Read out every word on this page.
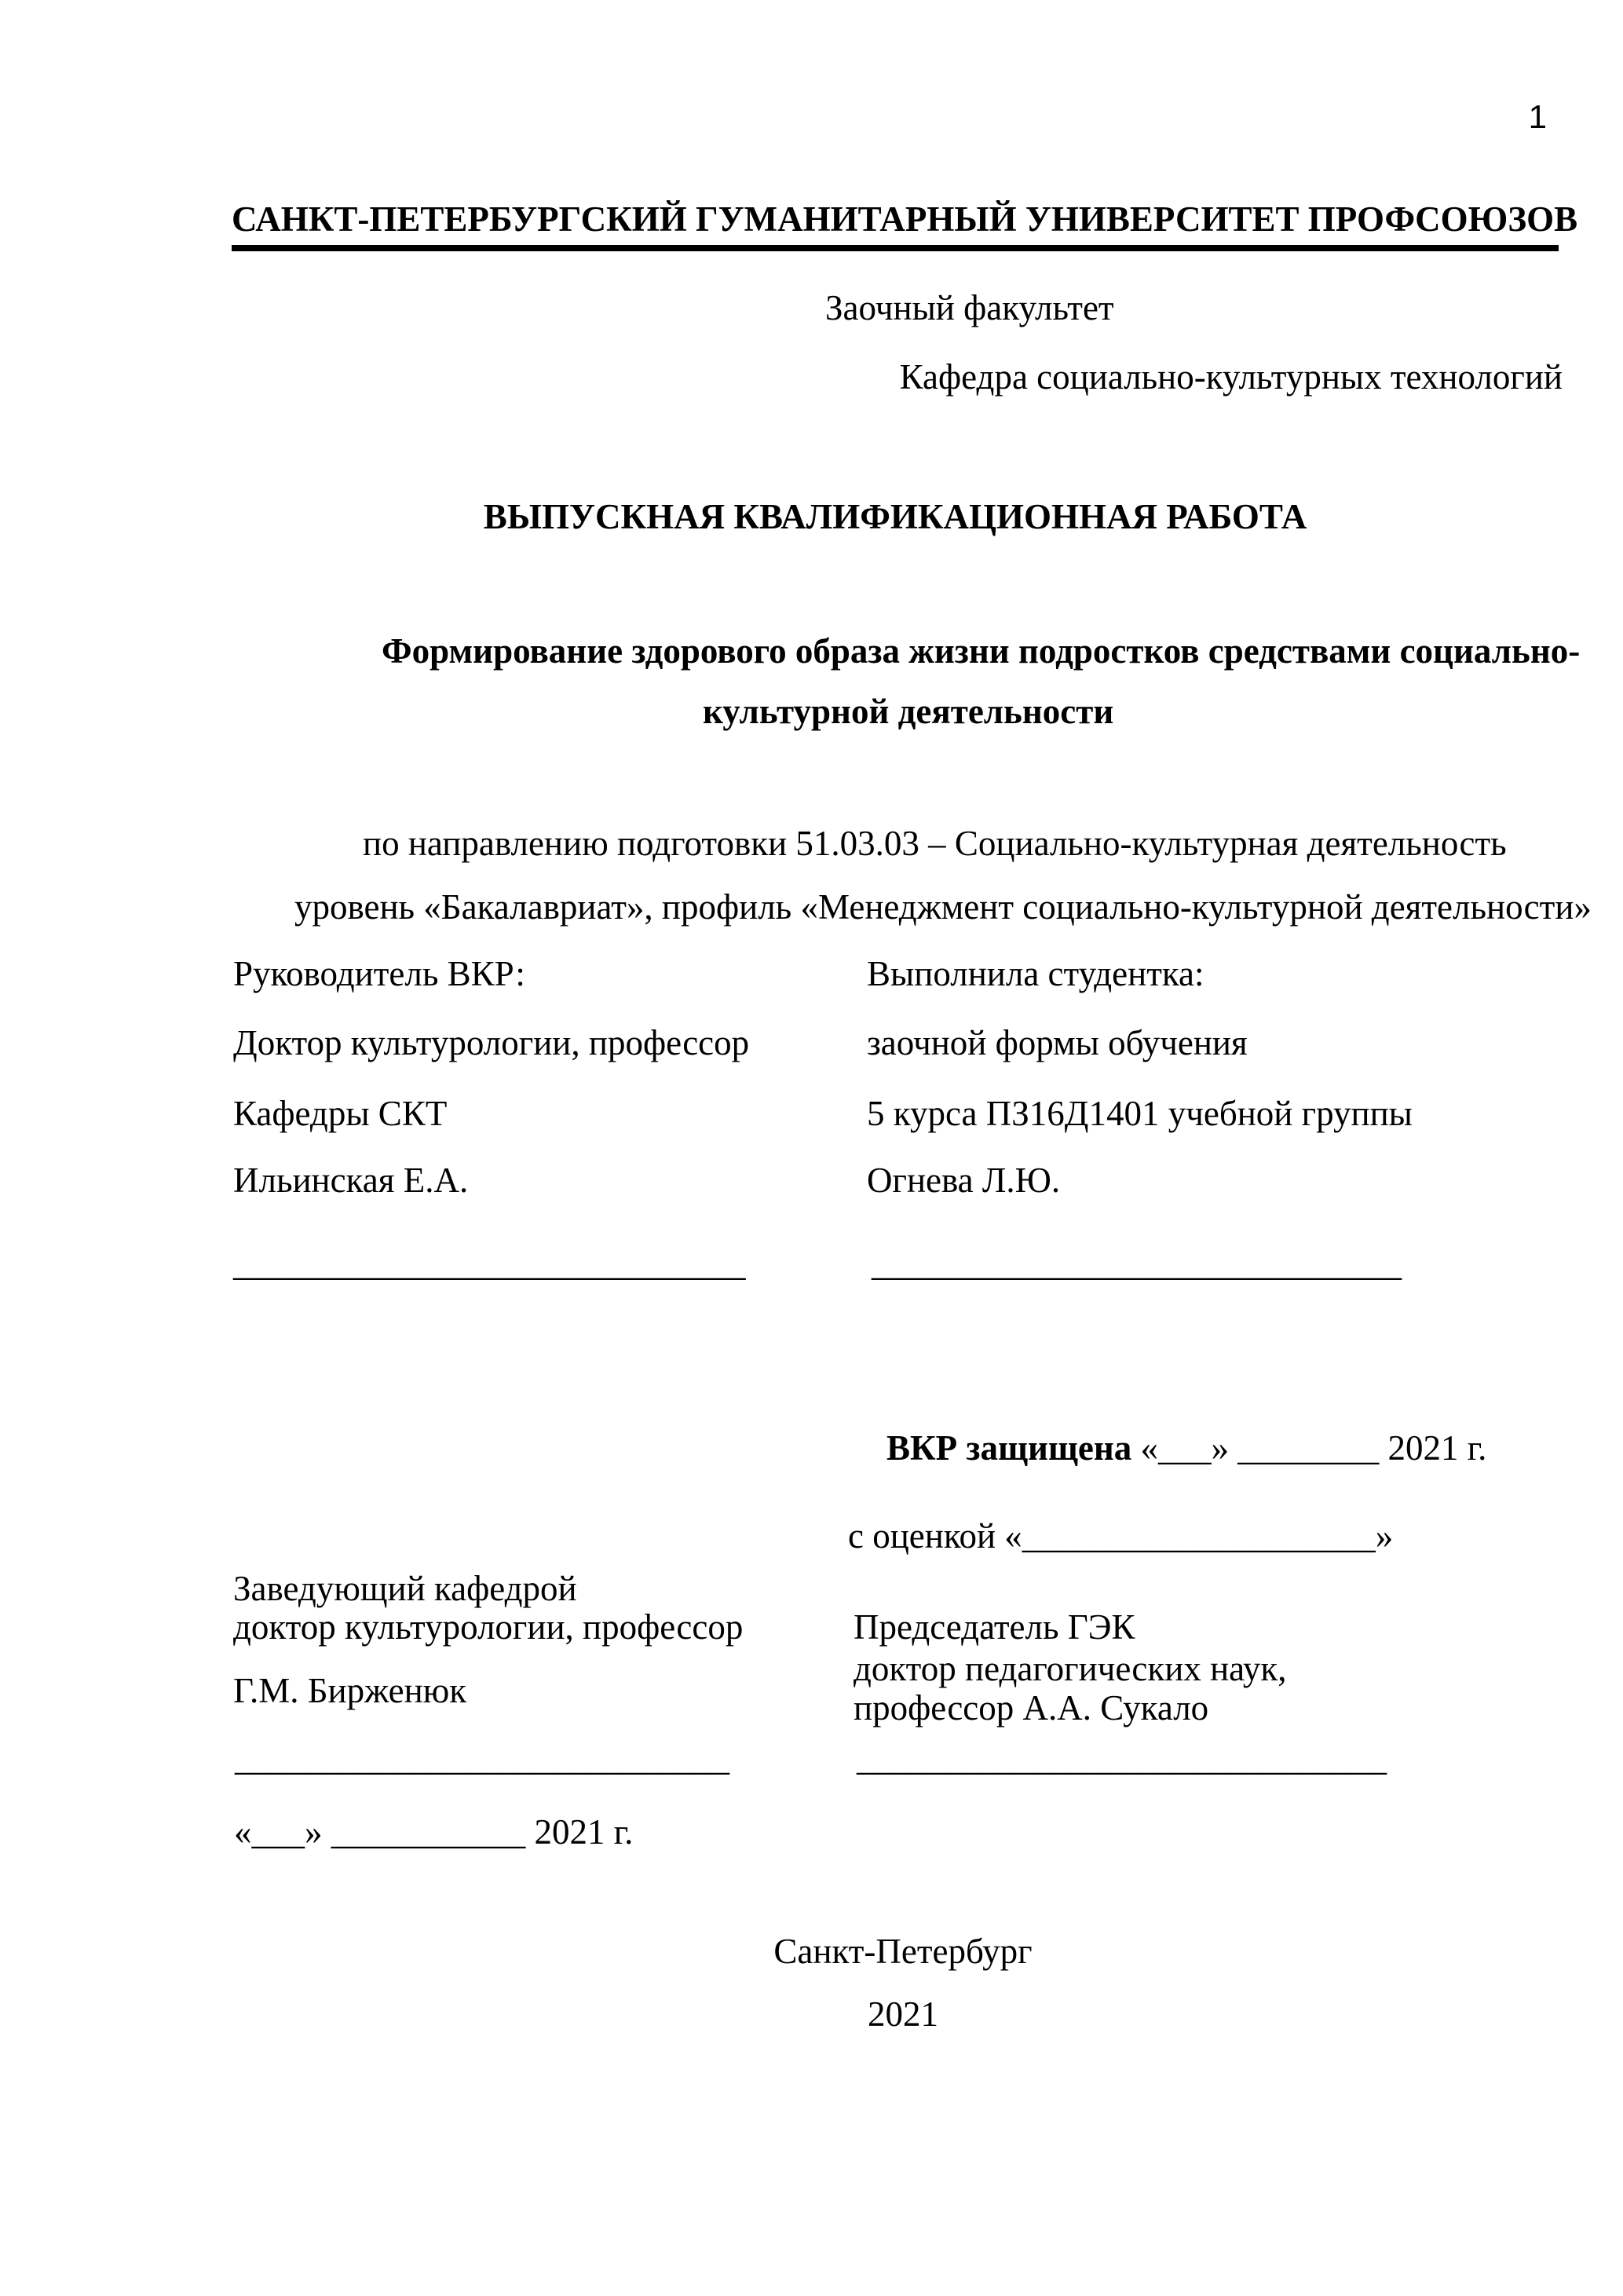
1
САНКТ-ПЕТЕРБУРГСКИЙ ГУМАНИТАРНЫЙ УНИВЕРСИТЕТ ПРОФСОЮЗОВ
Заочный факультет
Кафедра социально-культурных технологий
ВЫПУСКНАЯ КВАЛИФИКАЦИОННАЯ РАБОТА
Формирование здорового образа жизни подростков средствами социально-
культурной деятельности
по направлению подготовки 51.03.03 – Социально-культурная деятельность
уровень «Бакалавриат», профиль «Менеджмент социально-культурной деятельности»
Руководитель ВКР:
Доктор культурологии, профессор
Кафедры СКТ
Ильинская Е.А.
_____________________________
Выполнила студентка:
заочной формы обучения
5 курса ПЗ16Д1401 учебной группы
Огнева Л.Ю.
______________________________

ВКР защищена «___» ________ 2021 г.

с оценкой «____________________»
Заведующий кафедрой
доктор культурологии, профессор
Г.М. Бирженюк
____________________________
«___» ___________ 2021 г.
Председатель ГЭК
доктор педагогических наук,
профессор А.А. Сукало
______________________________
Санкт-Петербург
2021
